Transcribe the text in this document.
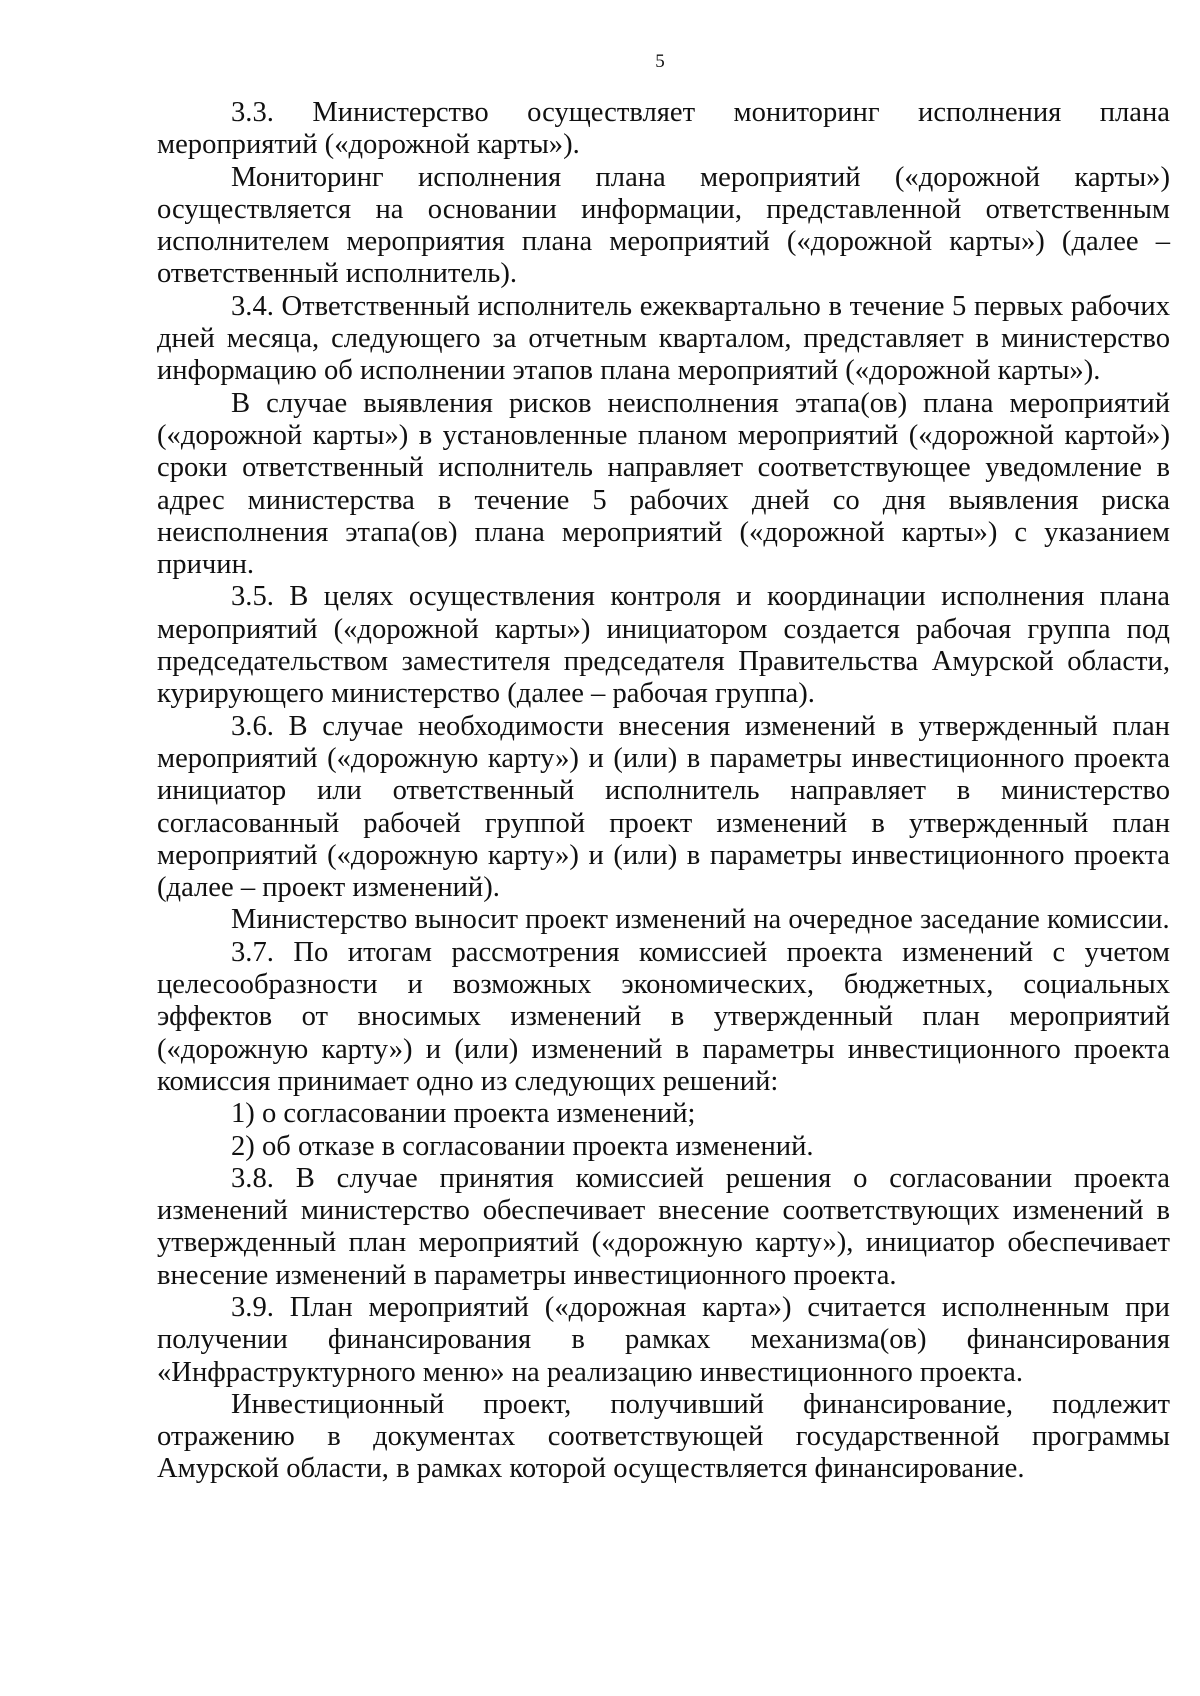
5

3.3. Министерство осуществляет мониторинг исполнения плана мероприятий («дорожной карты»).

Мониторинг исполнения плана мероприятий («дорожной карты») осуществляется на основании информации, представленной ответственным исполнителем мероприятия плана мероприятий («дорожной карты») (далее – ответственный исполнитель).

3.4. Ответственный исполнитель ежеквартально в течение 5 первых рабочих дней месяца, следующего за отчетным кварталом, представляет в министерство информацию об исполнении этапов плана мероприятий («дорожной карты»).

В случае выявления рисков неисполнения этапа(ов) плана мероприятий («дорожной карты») в установленные планом мероприятий («дорожной картой») сроки ответственный исполнитель направляет соответствующее уведомление в адрес министерства в течение 5 рабочих дней со дня выявления риска неисполнения этапа(ов) плана мероприятий («дорожной карты») с указанием причин.

3.5. В целях осуществления контроля и координации исполнения плана мероприятий («дорожной карты») инициатором создается рабочая группа под председательством заместителя председателя Правительства Амурской области, курирующего министерство (далее – рабочая группа).

3.6. В случае необходимости внесения изменений в утвержденный план мероприятий («дорожную карту») и (или) в параметры инвестиционного проекта инициатор или ответственный исполнитель направляет в министерство согласованный рабочей группой проект изменений в утвержденный план мероприятий («дорожную карту») и (или) в параметры инвестиционного проекта (далее – проект изменений).

Министерство выносит проект изменений на очередное заседание комиссии.

3.7. По итогам рассмотрения комиссией проекта изменений с учетом целесообразности и возможных экономических, бюджетных, социальных эффектов от вносимых изменений в утвержденный план мероприятий («дорожную карту») и (или) изменений в параметры инвестиционного проекта комиссия принимает одно из следующих решений:

1) о согласовании проекта изменений;

2) об отказе в согласовании проекта изменений.

3.8. В случае принятия комиссией решения о согласовании проекта изменений министерство обеспечивает внесение соответствующих изменений в утвержденный план мероприятий («дорожную карту»), инициатор обеспечивает внесение изменений в параметры инвестиционного проекта.

3.9. План мероприятий («дорожная карта») считается исполненным при получении финансирования в рамках механизма(ов) финансирования «Инфраструктурного меню» на реализацию инвестиционного проекта.

Инвестиционный проект, получивший финансирование, подлежит отражению в документах соответствующей государственной программы Амурской области, в рамках которой осуществляется финансирование.
